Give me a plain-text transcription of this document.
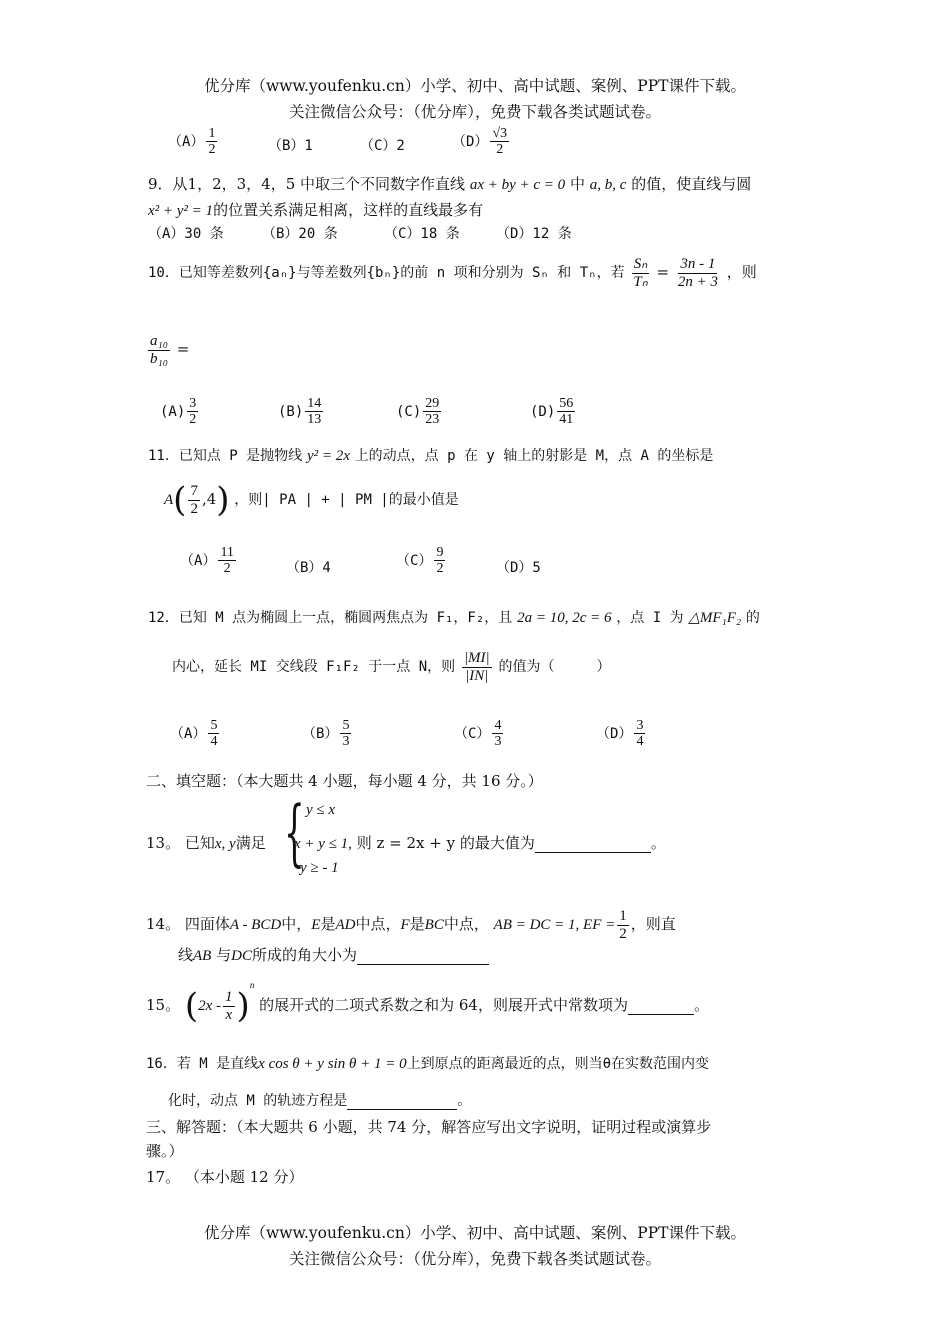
优分库（www.youfenku.cn）小学、初中、高中试题、案例、PPT课件下载。
关注微信公众号：（优分库），免费下载各类试题试卷。
$(A) \frac{1}{2}$	（B）1	（C）2	$(D) \frac{√3}{2}$
9．从1，2，3，4，5 中取三个不同数字作直线 ax + by + c = 0 中 a, b, c 的值，使直线与圆
x² + y² = 1的位置关系满足相离，这样的直线最多有
（A）30 条	（B）20 条	（C）18 条	（D）12 条
10．已知等差数列{aₙ}与等差数列{bₙ}的前 n 项和分别为 Sₙ 和 Tₙ，若 $\frac{\text{Sₙ}}{\text{Tₙ}} = \frac{3n - 1}{2n + 3}$ ，则
$\frac{\text{a₁₀}}{\text{b₁₀}}$ =
$(A) \frac{3}{2}$	$(B) \frac{14}{13}$	$(C) \frac{29}{23}$	$(D) \frac{56}{41}$
11．已知点 P 是抛物线 y² = 2x 上的动点，点 p 在 y 轴上的射影是 M，点 A 的坐标是
$A( \frac{7}{2} ,4)$ ，则| PA | + | PM |的最小值是
$(A) \frac{11}{2}$	（B）4	$(C) \frac{9}{2}$	（D）5
12．已知 M 点为椭圆上一点，椭圆两焦点为 F₁，F₂，且 2a = 10, 2c = 6 ，点 I 为 △MF₁F₂ 的
内心，延长 MI 交线段 F₁F₂ 于一点 N，则 $\frac{|MI|}{|IN|}$ 的值为（　　　）
$(A) \frac{5}{4}$	$(B) \frac{5}{3}$	$(C) \frac{4}{3}$	$(D) \frac{3}{4}$
二、填空题：（本大题共 4 小题，每小题 4 分，共 16 分。）
13。 已知x, y满足 { y ≤ x
x + y ≤ 1, 则 z = 2x + y 的最大值为	。
y ≥ - 1
14。 四面体A - BCD中，E是AD中点，F是BC中点， AB = DC = 1, EF = $\frac{1}{2}$ ，则直
线AB 与DC所成的角大小为
15。 $(2x - \frac{1}{x} )^n$ 的展开式的二项式系数之和为 64，则展开式中常数项为	。
16．若 M 是直线x cos θ + y sin θ + 1 = 0上到原点的距离最近的点，则当θ在实数范围内变
化时，动点 M 的轨迹方程是	。
三、解答题：（本大题共 6 小题，共 74 分，解答应写出文字说明，证明过程或演算步
骤。）
17。 （本小题 12 分）
优分库（www.youfenku.cn）小学、初中、高中试题、案例、PPT课件下载。
关注微信公众号：（优分库），免费下载各类试题试卷。
